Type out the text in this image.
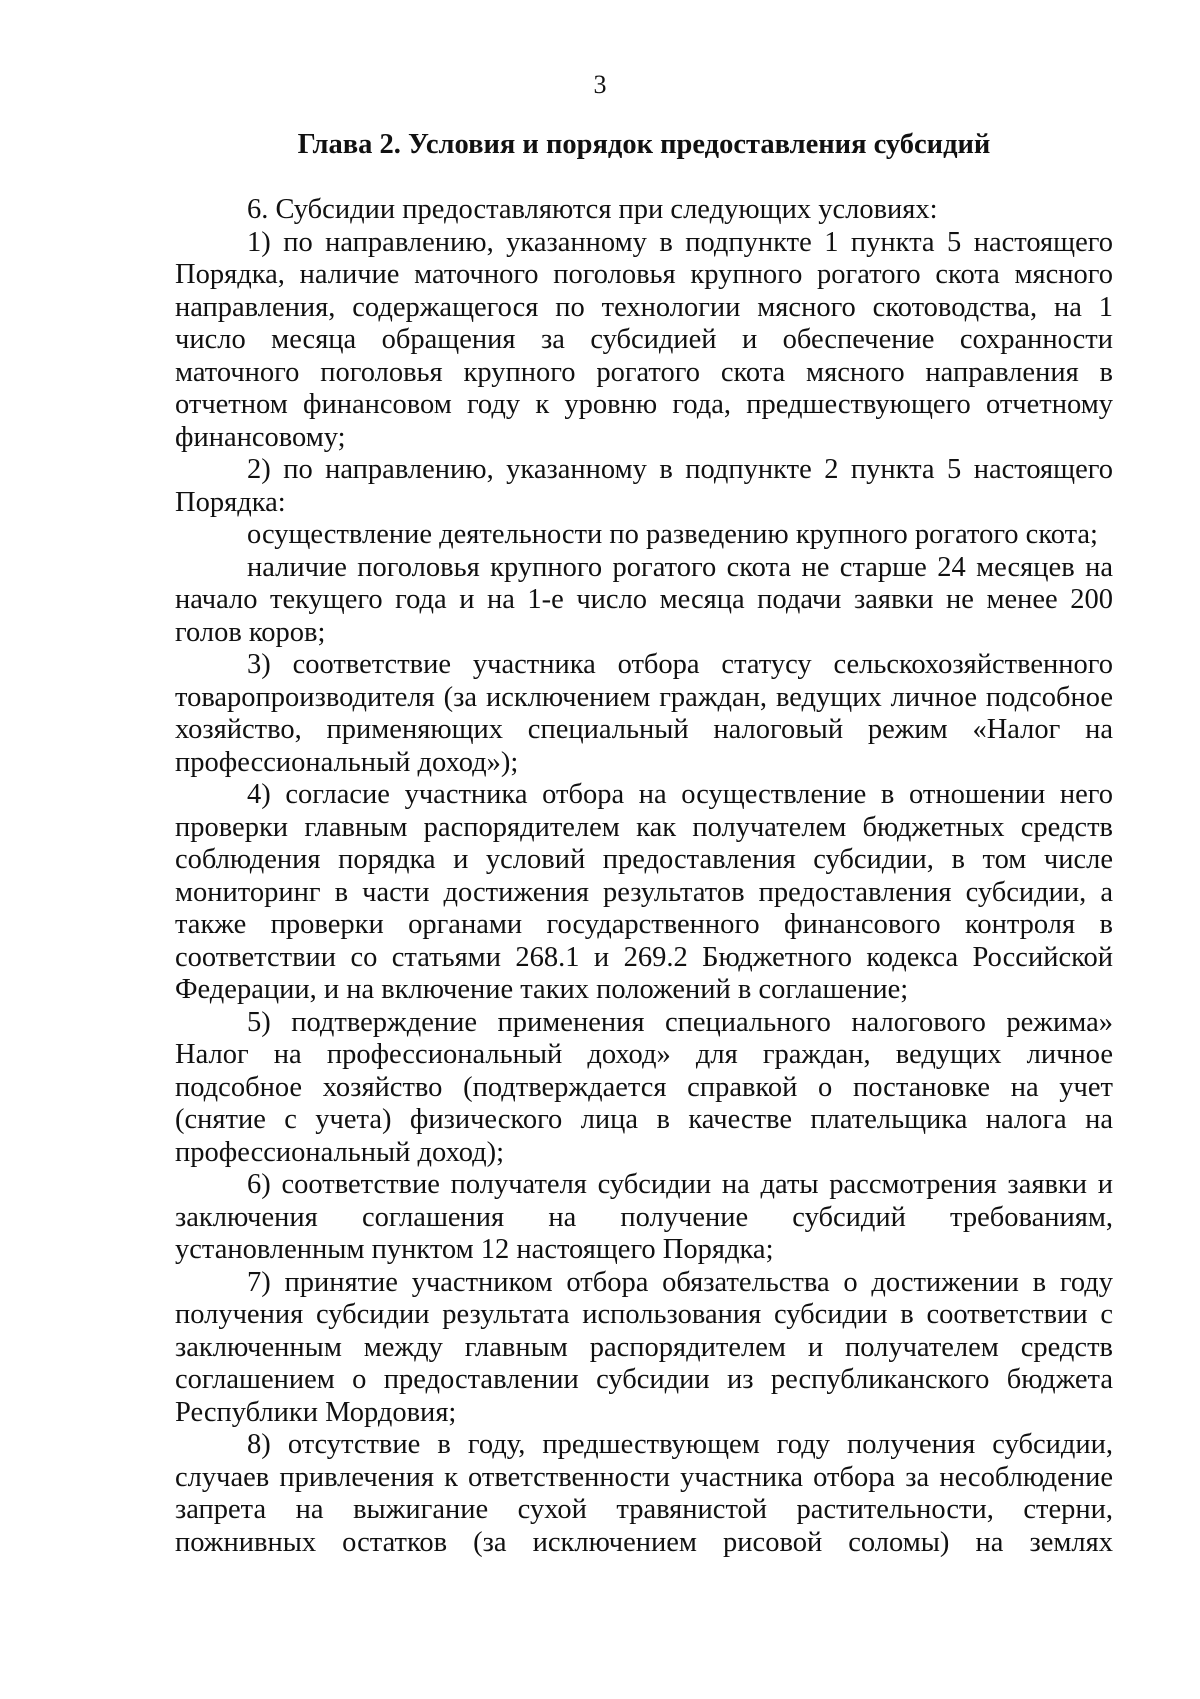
3
Глава 2. Условия и порядок предоставления субсидий

6. Субсидии предоставляются при следующих условиях:

1) по направлению, указанному в подпункте 1 пункта 5 настоящего Порядка, наличие маточного поголовья крупного рогатого скота мясного направления, содержащегося по технологии мясного скотоводства, на 1 число месяца обращения за субсидией и обеспечение сохранности маточного поголовья крупного рогатого скота мясного направления в отчетном финансовом году к уровню года, предшествующего отчетному финансовому;

2) по направлению, указанному в подпункте 2 пункта 5 настоящего Порядка:

осуществление деятельности по разведению крупного рогатого скота;

наличие поголовья крупного рогатого скота не старше 24 месяцев на начало текущего года и на 1-е число месяца подачи заявки не менее 200 голов коров;

3) соответствие участника отбора статусу сельскохозяйственного товаропроизводителя (за исключением граждан, ведущих личное подсобное хозяйство, применяющих специальный налоговый режим «Налог на профессиональный доход»);

4) согласие участника отбора на осуществление в отношении него проверки главным распорядителем как получателем бюджетных средств соблюдения порядка и условий предоставления субсидии, в том числе мониторинг в части достижения результатов предоставления субсидии, а также проверки органами государственного финансового контроля в соответствии со статьями 268.1 и 269.2 Бюджетного кодекса Российской Федерации, и на включение таких положений в соглашение;

5) подтверждение применения специального налогового режима» Налог на профессиональный доход» для граждан, ведущих личное подсобное хозяйство (подтверждается справкой о постановке на учет (снятие с учета) физического лица в качестве плательщика налога на профессиональный доход);

6) соответствие получателя субсидии на даты рассмотрения заявки и заключения соглашения на получение субсидий требованиям, установленным пунктом 12 настоящего Порядка;

7) принятие участником отбора обязательства о достижении в году получения субсидии результата использования субсидии в соответствии с заключенным между главным распорядителем и получателем средств соглашением о предоставлении субсидии из республиканского бюджета Республики Мордовия;

8) отсутствие в году, предшествующем году получения субсидии, случаев привлечения к ответственности участника отбора за несоблюдение запрета на выжигание сухой травянистой растительности, стерни, пожнивных остатков (за исключением рисовой соломы) на землях
